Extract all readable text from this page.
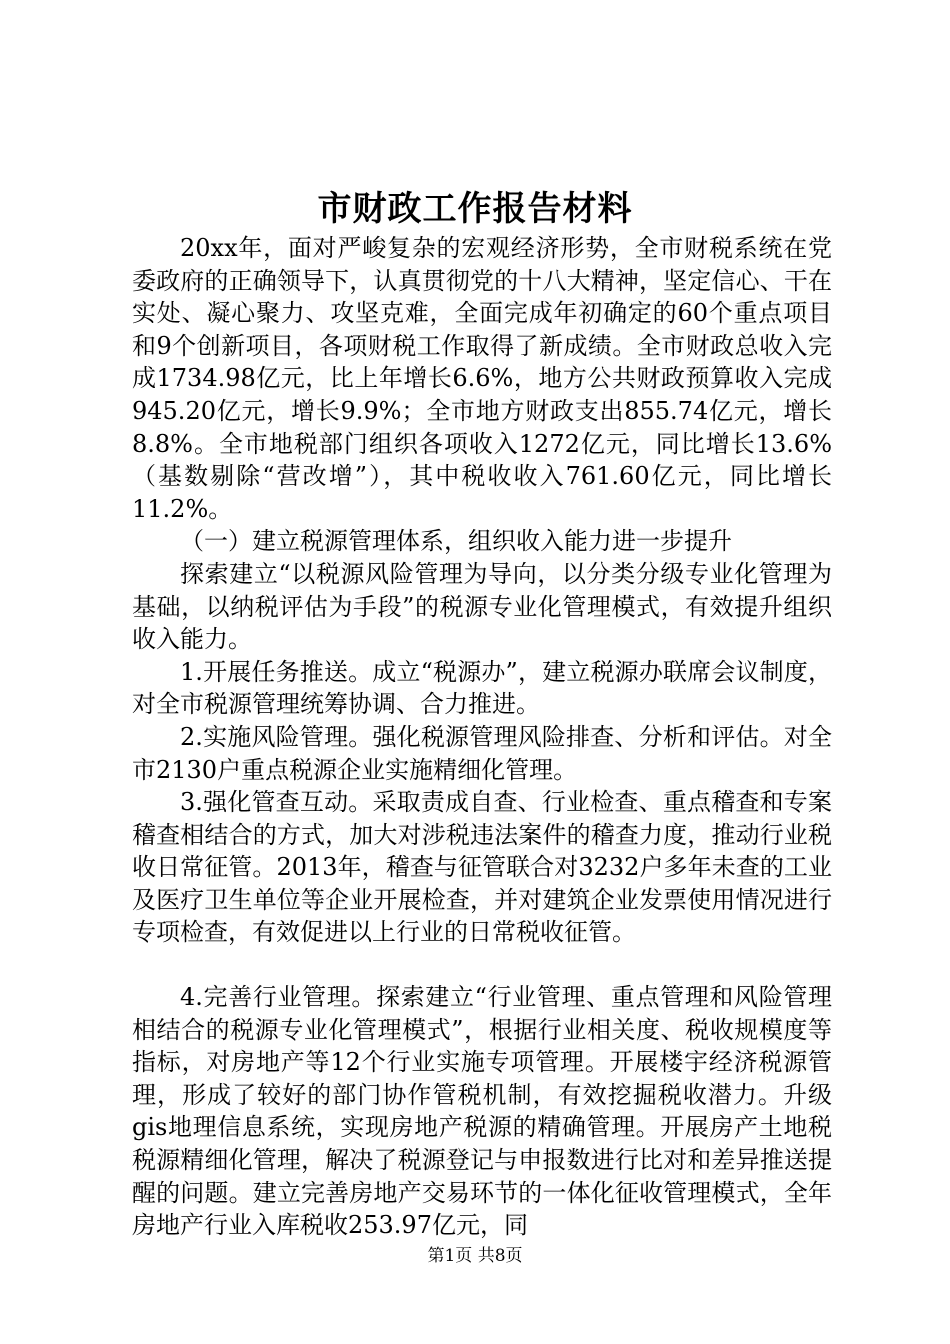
市财政工作报告材料

20xx年，面对严峻复杂的宏观经济形势，全市财税系统在党委政府的正确领导下，认真贯彻党的十八大精神，坚定信心、干在实处、凝心聚力、攻坚克难，全面完成年初确定的60个重点项目和9个创新项目，各项财税工作取得了新成绩。全市财政总收入完成1734.98亿元，比上年增长6.6%，地方公共财政预算收入完成945.20亿元，增长9.9%；全市地方财政支出855.74亿元，增长8.8%。全市地税部门组织各项收入1272亿元，同比增长13.6%（基数剔除“营改增”），其中税收收入761.60亿元，同比增长11.2%。

（一）建立税源管理体系，组织收入能力进一步提升

探索建立“以税源风险管理为导向，以分类分级专业化管理为基础，以纳税评估为手段”的税源专业化管理模式，有效提升组织收入能力。

1.开展任务推送。成立“税源办”，建立税源办联席会议制度，对全市税源管理统筹协调、合力推进。

2.实施风险管理。强化税源管理风险排查、分析和评估。对全市2130户重点税源企业实施精细化管理。

3.强化管查互动。采取责成自查、行业检查、重点稽查和专案稽查相结合的方式，加大对涉税违法案件的稽查力度，推动行业税收日常征管。2013年，稽查与征管联合对3232户多年未查的工业及医疗卫生单位等企业开展检查，并对建筑企业发票使用情况进行专项检查，有效促进以上行业的日常税收征管。

4.完善行业管理。探索建立“行业管理、重点管理和风险管理相结合的税源专业化管理模式”，根据行业相关度、税收规模度等指标，对房地产等12个行业实施专项管理。开展楼宇经济税源管理，形成了较好的部门协作管税机制，有效挖掘税收潜力。升级gis地理信息系统，实现房地产税源的精确管理。开展房产土地税税源精细化管理，解决了税源登记与申报数进行比对和差异推送提醒的问题。建立完善房地产交易环节的一体化征收管理模式，全年房地产行业入库税收253.97亿元，同

第1页 共8页
